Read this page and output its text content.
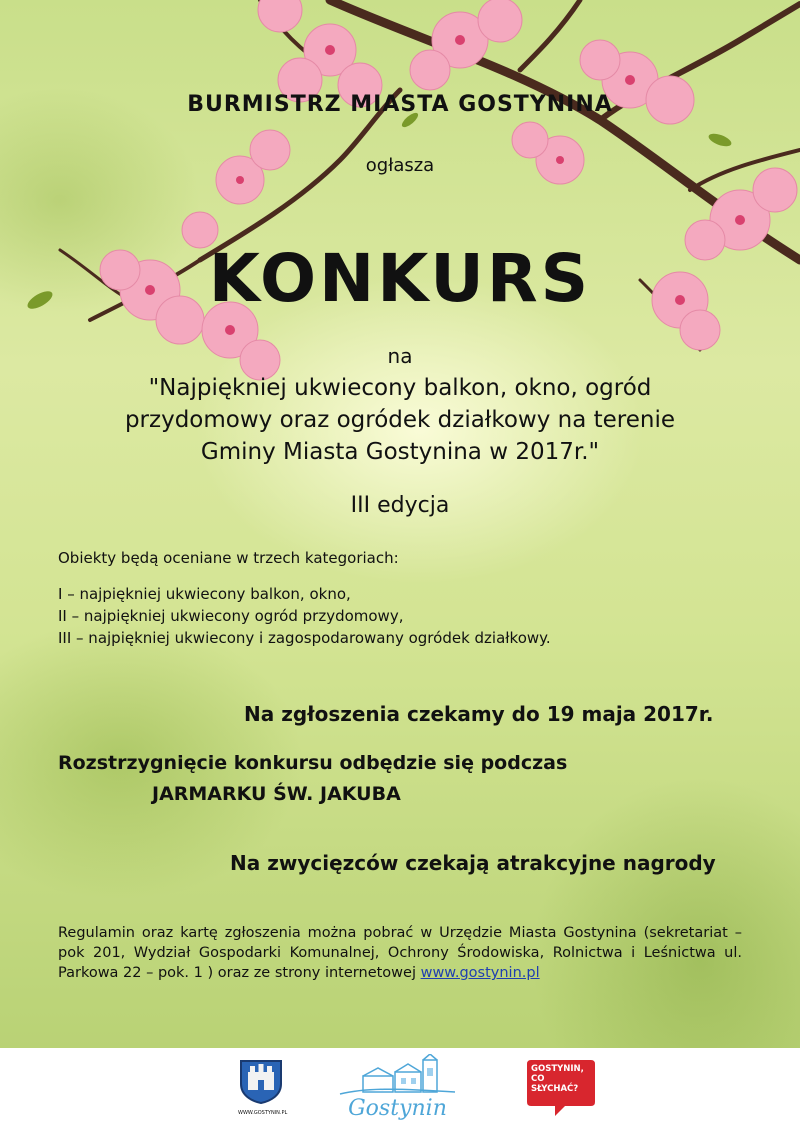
BURMISTRZ MIASTA GOSTYNINA
ogłasza
KONKURS
na
"Najpiękniej ukwiecony balkon, okno, ogród
przydomowy oraz ogródek działkowy na terenie
Gminy Miasta Gostynina w 2017r."
III edycja
Obiekty będą oceniane w trzech kategoriach:
I – najpiękniej ukwiecony balkon, okno,
II – najpiękniej ukwiecony ogród przydomowy,
III – najpiękniej ukwiecony i zagospodarowany ogródek działkowy.
Na zgłoszenia czekamy do 19 maja 2017r.
Rozstrzygnięcie konkursu odbędzie się podczas
JARMARKU ŚW. JAKUBA
Na zwycięzców czekają atrakcyjne nagrody
Regulamin oraz kartę zgłoszenia można pobrać w Urzędzie Miasta Gostynina (sekretariat – pok 201, Wydział Gospodarki Komunalnej, Ochrony Środowiska, Rolnictwa i Leśnictwa ul. Parkowa 22 – pok. 1 ) oraz ze strony internetowej www.gostynin.pl
WWW.GOSTYNIN.PL	Gostynin
GOSTYNIN,
CO
SŁYCHAĆ?
